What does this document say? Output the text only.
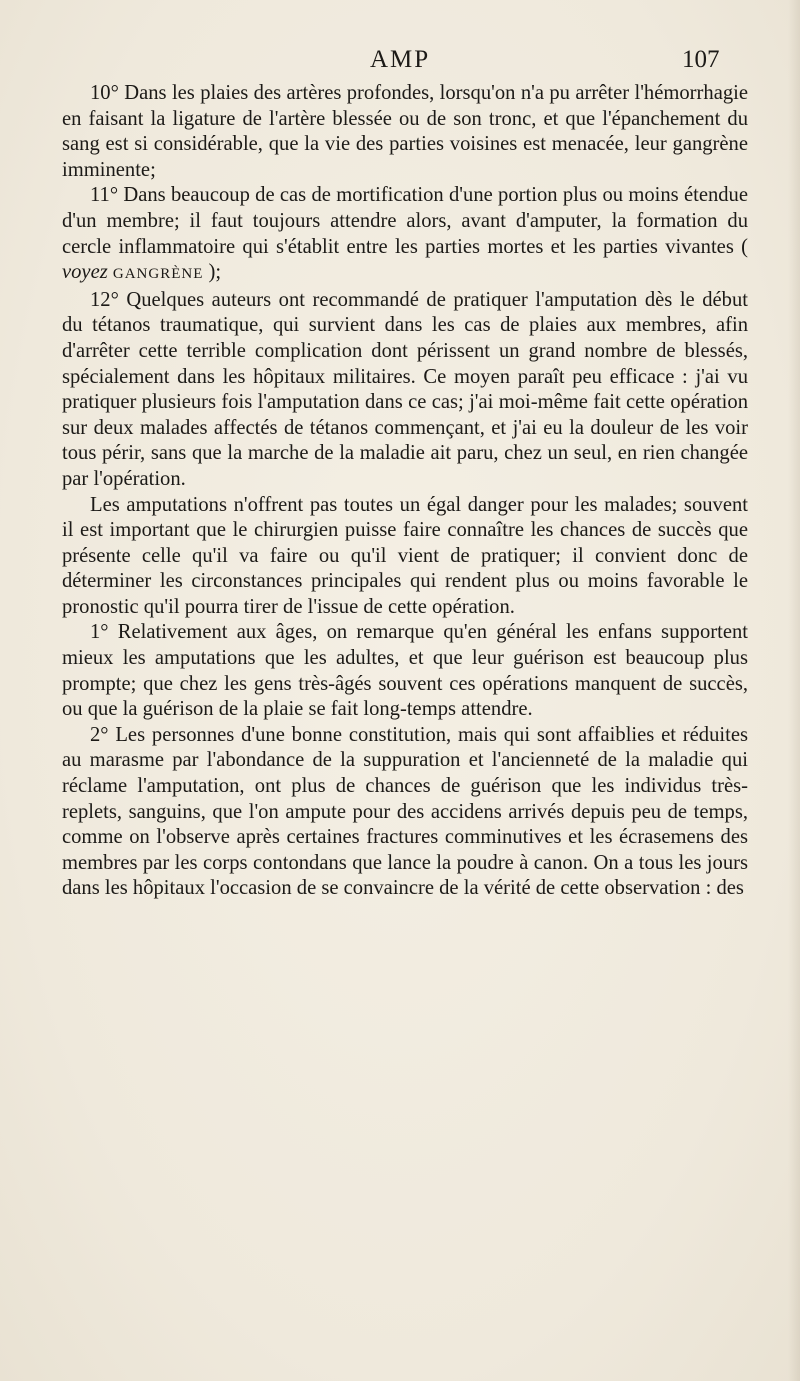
AMP	107

10° Dans les plaies des artères profondes, lorsqu'on n'a pu arrêter l'hémorrhagie en faisant la ligature de l'artère blessée ou de son tronc, et que l'épanchement du sang est si considérable, que la vie des parties voisines est menacée, leur gangrène imminente;

11° Dans beaucoup de cas de mortification d'une portion plus ou moins étendue d'un membre; il faut toujours attendre alors, avant d'amputer, la formation du cercle inflammatoire qui s'établit entre les parties mortes et les parties vivantes ( voyez GANGRÈNE );

12° Quelques auteurs ont recommandé de pratiquer l'amputation dès le début du tétanos traumatique, qui survient dans les cas de plaies aux membres, afin d'arrêter cette terrible complication dont périssent un grand nombre de blessés, spécialement dans les hôpitaux militaires. Ce moyen paraît peu efficace : j'ai vu pratiquer plusieurs fois l'amputation dans ce cas; j'ai moi-même fait cette opération sur deux malades affectés de tétanos commençant, et j'ai eu la douleur de les voir tous périr, sans que la marche de la maladie ait paru, chez un seul, en rien changée par l'opération.

Les amputations n'offrent pas toutes un égal danger pour les malades; souvent il est important que le chirurgien puisse faire connaître les chances de succès que présente celle qu'il va faire ou qu'il vient de pratiquer; il convient donc de déterminer les circonstances principales qui rendent plus ou moins favorable le pronostic qu'il pourra tirer de l'issue de cette opération.

1° Relativement aux âges, on remarque qu'en général les enfans supportent mieux les amputations que les adultes, et que leur guérison est beaucoup plus prompte; que chez les gens très-âgés souvent ces opérations manquent de succès, ou que la guérison de la plaie se fait long-temps attendre.

2° Les personnes d'une bonne constitution, mais qui sont affaiblies et réduites au marasme par l'abondance de la suppuration et l'ancienneté de la maladie qui réclame l'amputation, ont plus de chances de guérison que les individus très-replets, sanguins, que l'on ampute pour des accidens arrivés depuis peu de temps, comme on l'observe après certaines fractures comminutives et les écrasemens des membres par les corps contondans que lance la poudre à canon. On a tous les jours dans les hôpitaux l'occasion de se convaincre de la vérité de cette observation : des
